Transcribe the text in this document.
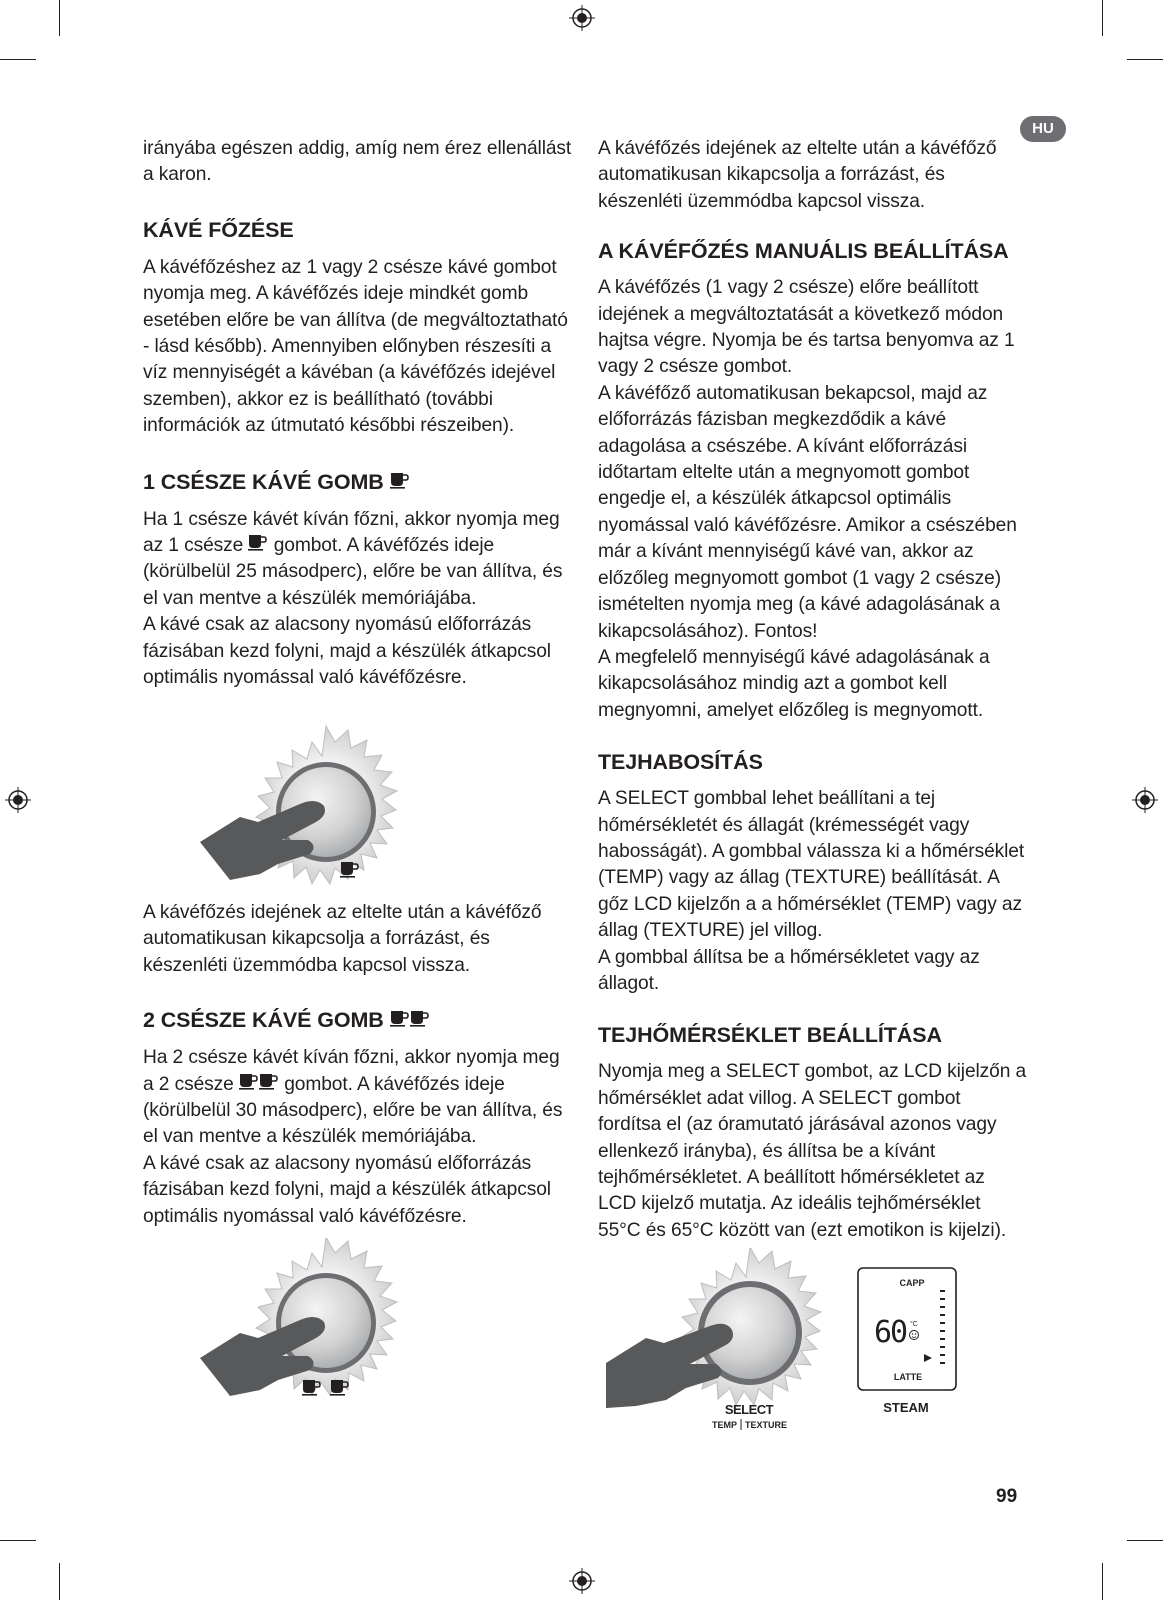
HU

irányába egészen addig, amíg nem érez ellenállást a karon.

KÁVÉ FŐZÉSE

A kávéfőzéshez az 1 vagy 2 csésze kávé gombot nyomja meg. A kávéfőzés ideje mindkét gomb esetében előre be van állítva (de megváltoztatható - lásd később). Amennyiben előnyben részesíti a víz mennyiségét a kávéban (a kávéfőzés idejével szemben), akkor ez is beállítható (további információk az útmutató későbbi részeiben).

1 CSÉSZE KÁVÉ GOMB

Ha 1 csésze kávét kíván főzni, akkor nyomja meg az 1 csésze gombot. A kávéfőzés ideje (körülbelül 25 másodperc), előre be van állítva, és el van mentve a készülék memóriájába.

A kávé csak az alacsony nyomású előforrázás fázisában kezd folyni, majd a készülék átkapcsol optimális nyomással való kávéfőzésre.

A kávéfőzés idejének az eltelte után a kávéfőző automatikusan kikapcsolja a forrázást, és készenléti üzemmódba kapcsol vissza.

2 CSÉSZE KÁVÉ GOMB

Ha 2 csésze kávét kíván főzni, akkor nyomja meg a 2 csésze	gombot. A kávéfőzés ideje (körülbelül 30 másodperc), előre be van állítva, és el van mentve a készülék memóriájába.

A kávé csak az alacsony nyomású előforrázás fázisában kezd folyni, majd a készülék átkapcsol optimális nyomással való kávéfőzésre.

A kávéfőzés idejének az eltelte után a kávéfőző automatikusan kikapcsolja a forrázást, és készenléti üzemmódba kapcsol vissza.

A KÁVÉFŐZÉS MANUÁLIS BEÁLLÍTÁSA

A kávéfőzés (1 vagy 2 csésze) előre beállított idejének a megváltoztatását a következő módon hajtsa végre. Nyomja be és tartsa benyomva az 1 vagy 2 csésze gombot.

A kávéfőző automatikusan bekapcsol, majd az előforrázás fázisban megkezdődik a kávé adagolása a csészébe. A kívánt előforrázási időtartam eltelte után a megnyomott gombot engedje el, a készülék átkapcsol optimális nyomással való kávéfőzésre. Amikor a csészében már a kívánt mennyiségű kávé van, akkor az előzőleg megnyomott gombot (1 vagy 2 csésze) ismételten nyomja meg (a kávé adagolásának a kikapcsolásához). Fontos!

A megfelelő mennyiségű kávé adagolásának a kikapcsolásához mindig azt a gombot kell megnyomni, amelyet előzőleg is megnyomott.

TEJHABOSÍTÁS

A SELECT gombbal lehet beállítani a tej hőmérsékletét és állagát (krémességét vagy habosságát). A gombbal válassza ki a hőmérséklet (TEMP) vagy az állag (TEXTURE) beállítását. A gőz LCD kijelzőn a a hőmérséklet (TEMP) vagy az állag (TEXTURE) jel villog.

A gombbal állítsa be a hőmérsékletet vagy az állagot.

TEJHŐMÉRSÉKLET BEÁLLÍTÁSA

Nyomja meg a SELECT gombot, az LCD kijelzőn a hőmérséklet adat villog. A SELECT gombot fordítsa el (az óramutató járásával azonos vagy ellenkező irányba), és állítsa be a kívánt tejhőmérsékletet. A beállított hőmérsékletet az LCD kijelző mutatja. Az ideális tejhőmérséklet 55°C és 65°C között van (ezt emotikon is kijelzi).

SELECT
TEMP TEXTURE
CAPP
60 °C
LATTE
STEAM
99
